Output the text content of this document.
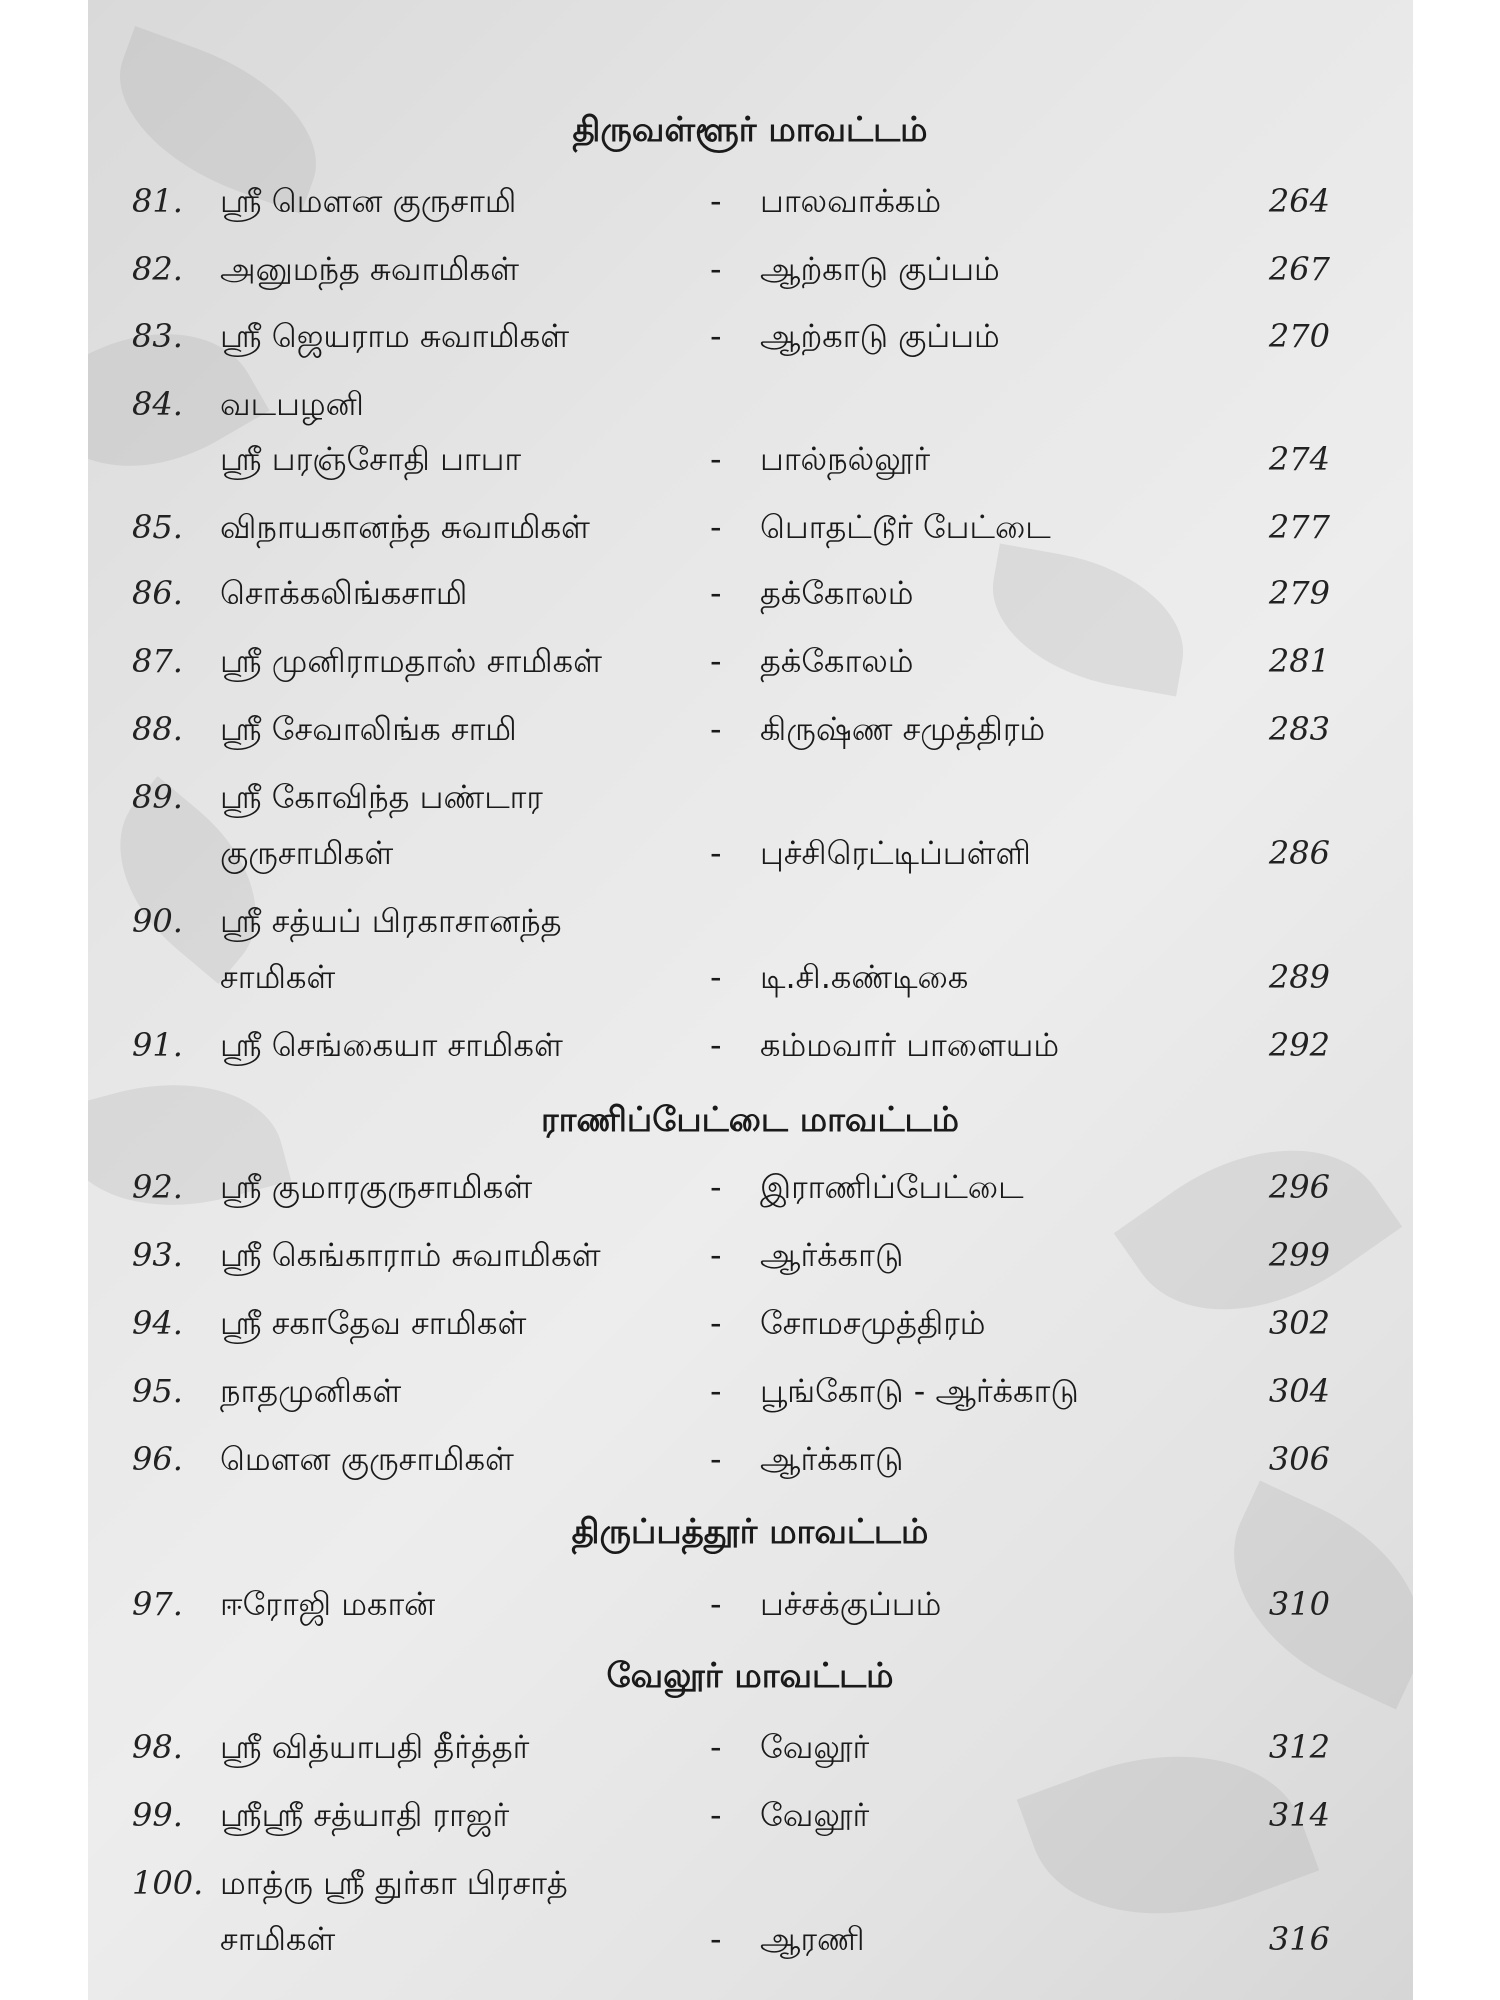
திருவள்ளூர் மாவட்டம்
81. ஸ்ரீ மௌன குருசாமி	- பாலவாக்கம்	264
82. அனுமந்த சுவாமிகள்	- ஆற்காடு குப்பம்	267
83. ஸ்ரீ ஜெயராம சுவாமிகள்	- ஆற்காடு குப்பம்	270
84. வடபழனி
ஸ்ரீ பரஞ்சோதி பாபா	- பால்நல்லூர்	274
85. விநாயகானந்த சுவாமிகள்	- பொதட்டூர் பேட்டை	277
86. சொக்கலிங்கசாமி	- தக்கோலம்	279
87. ஸ்ரீ முனிராமதாஸ் சாமிகள்	- தக்கோலம்	281
88. ஸ்ரீ சேவாலிங்க சாமி	- கிருஷ்ண சமுத்திரம்	283
89. ஸ்ரீ கோவிந்த பண்டார
குருசாமிகள்	- புச்சிரெட்டிப்பள்ளி	286
90. ஸ்ரீ சத்யப் பிரகாசானந்த
சாமிகள்	- டி.சி.கண்டிகை	289
91. ஸ்ரீ செங்கையா சாமிகள்	- கம்மவார் பாளையம்	292
ராணிப்பேட்டை மாவட்டம்
92. ஸ்ரீ குமாரகுருசாமிகள்	- இராணிப்பேட்டை	296
93. ஸ்ரீ கெங்காராம் சுவாமிகள்	- ஆர்க்காடு	299
94. ஸ்ரீ சகாதேவ சாமிகள்	- சோமசமுத்திரம்	302
95. நாதமுனிகள்	- பூங்கோடு - ஆர்க்காடு	304
96. மௌன குருசாமிகள்	- ஆர்க்காடு	306
திருப்பத்தூர் மாவட்டம்
97. ஈரோஜி மகான்	- பச்சக்குப்பம்	310
வேலூர் மாவட்டம்
98. ஸ்ரீ வித்யாபதி தீர்த்தர்	- வேலூர்	312
99. ஸ்ரீஸ்ரீ சத்யாதி ராஜர்	- வேலூர்	314
100. மாத்ரு ஸ்ரீ துர்கா பிரசாத்
சாமிகள்	- ஆரணி	316
